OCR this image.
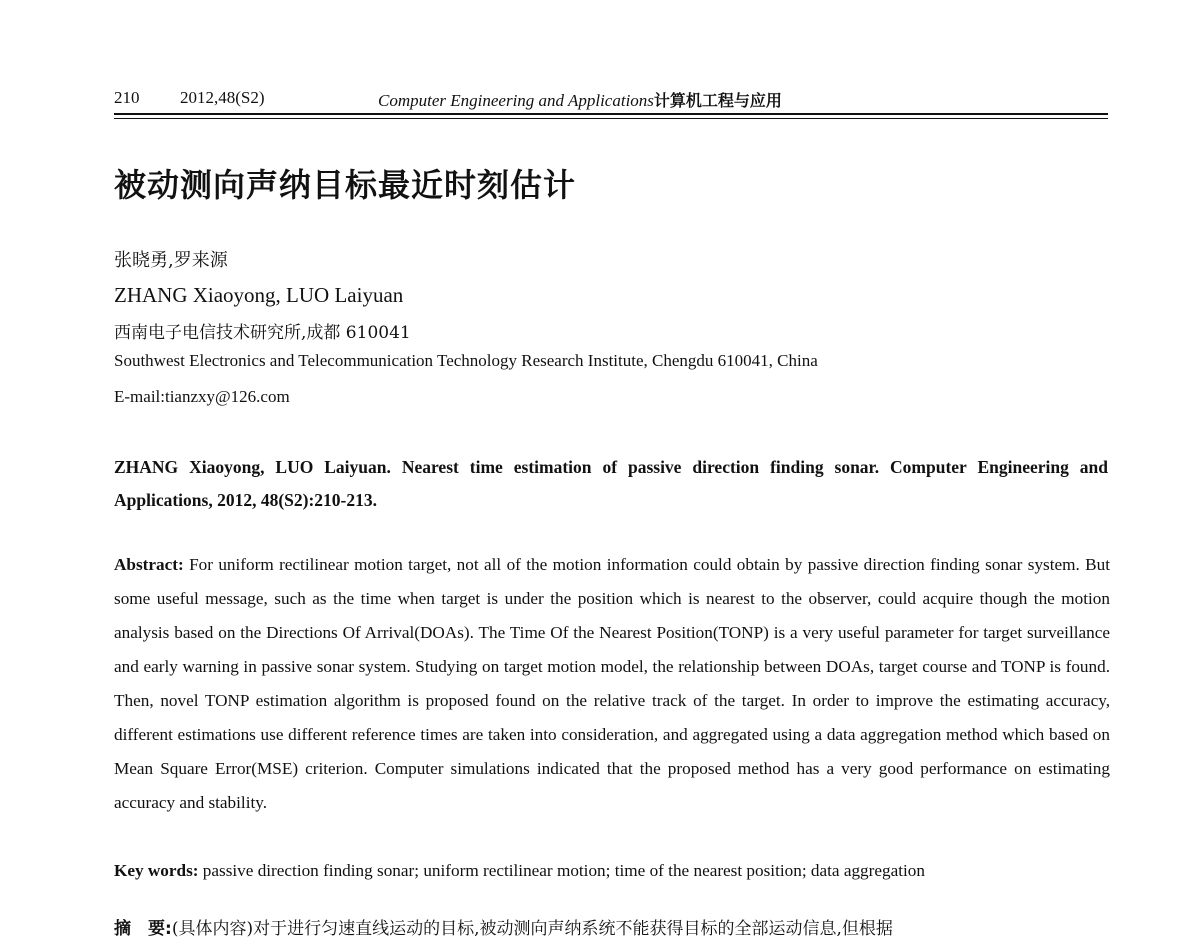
210 2012,48(S2)	Computer Engineering and Applications计算机工程与应用
被动测向声纳目标最近时刻估计
张晓勇,罗来源
ZHANG Xiaoyong, LUO Laiyuan
西南电子电信技术研究所,成都 610041
Southwest Electronics and Telecommunication Technology Research Institute, Chengdu 610041, China
E-mail:tianzxy@126.com
ZHANG Xiaoyong, LUO Laiyuan. Nearest time estimation of passive direction finding sonar. Computer Engineering and Applications, 2012, 48(S2):210-213.
Abstract: For uniform rectilinear motion target, not all of the motion information could obtain by passive direction finding sonar system. But some useful message, such as the time when target is under the position which is nearest to the observer, could acquire though the motion analysis based on the Directions Of Arrival(DOAs). The Time Of the Nearest Position(TONP) is a very useful parameter for target surveillance and early warning in passive sonar system. Studying on target motion model, the relationship between DOAs, target course and TONP is found. Then, novel TONP estimation algorithm is proposed found on the relative track of the target. In order to improve the estimating accuracy, different estimations use different reference times are taken into consideration, and aggregated using a data aggregation method which based on Mean Square Error(MSE) criterion. Computer simulations indicated that the proposed method has a very good performance on estimating accuracy and stability.
Key words: passive direction finding sonar; uniform rectilinear motion; time of the nearest position; data aggregation
摘　要:(具体内容)对于进行匀速直线运动的目标,被动测向声纳系统不能获得目标的全部运动信息,但根据
